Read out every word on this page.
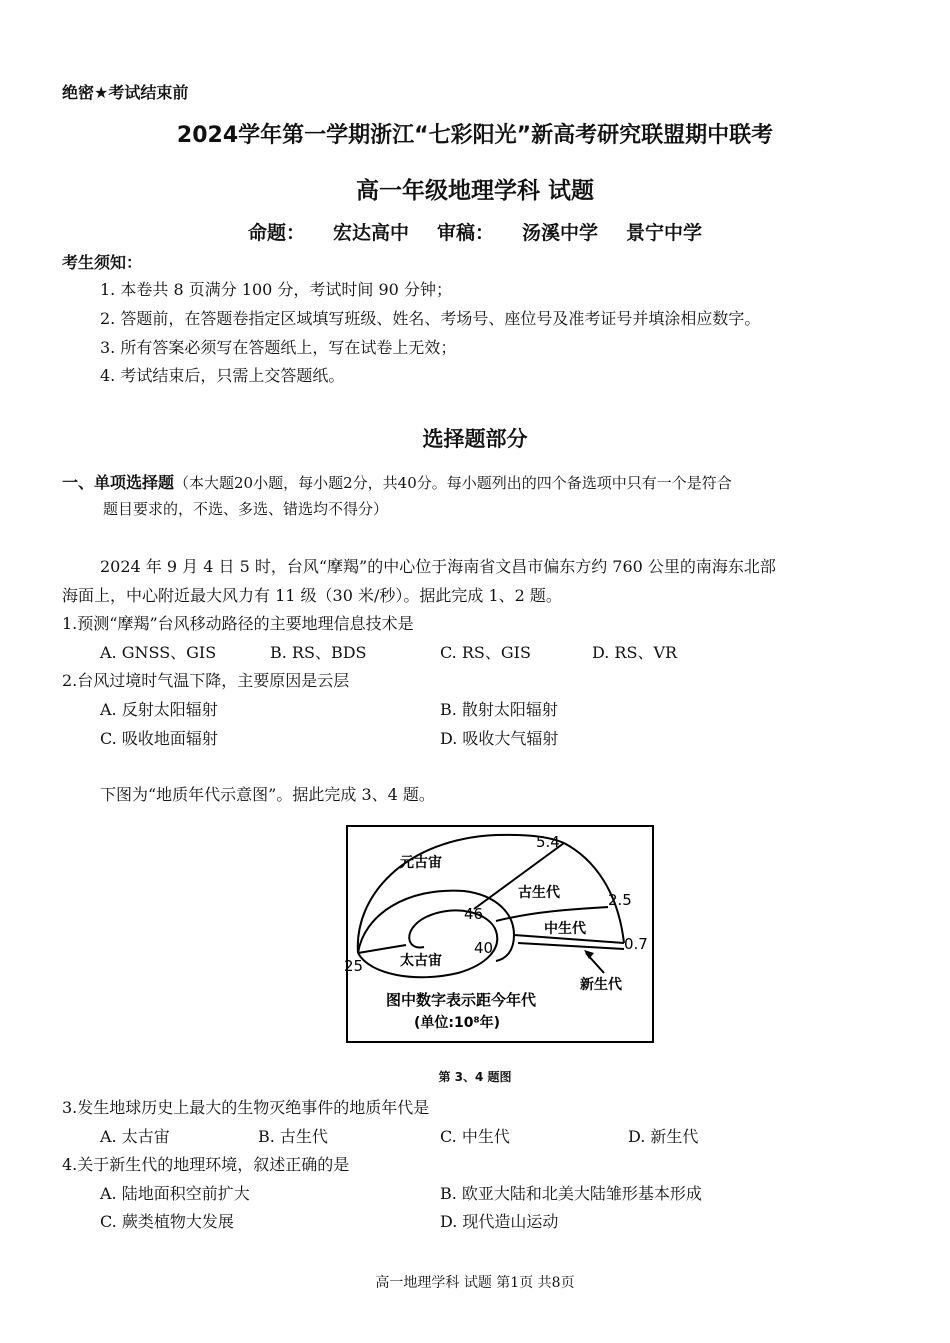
绝密★考试结束前
2024学年第一学期浙江“七彩阳光”新高考研究联盟期中联考
高一年级地理学科 试题
命题： 宏达高中 审稿： 汤溪中学 景宁中学
考生须知：
1. 本卷共 8 页满分 100 分，考试时间 90 分钟；
2. 答题前，在答题卷指定区域填写班级、姓名、考场号、座位号及准考证号并填涂相应数字。
3. 所有答案必须写在答题纸上，写在试卷上无效；
4. 考试结束后，只需上交答题纸。
选择题部分
一、单项选择题（本大题20小题，每小题2分，共40分。每小题列出的四个备选项中只有一个是符合
题目要求的，不选、多选、错选均不得分）
2024 年 9 月 4 日 5 时，台风“摩羯”的中心位于海南省文昌市偏东方约 760 公里的南海东北部
海面上，中心附近最大风力有 11 级（30 米/秒）。据此完成 1、2 题。
1.预测“摩羯”台风移动路径的主要地理信息技术是
A. GNSS、GIS	B. RS、BDS	C. RS、GIS	D. RS、VR
2.台风过境时气温下降，主要原因是云层
A. 反射太阳辐射	B. 散射太阳辐射
C. 吸收地面辐射	D. 吸收大气辐射
下图为“地质年代示意图”。据此完成 3、4 题。
元古宙
太古宙
古生代
中生代
新生代
5.4
2.5
0.7
46
40
25
图中数字表示距今年代
(单位:10⁸年)
第 3、4 题图
3.发生地球历史上最大的生物灭绝事件的地质年代是
A. 太古宙	B. 古生代	C. 中生代	D. 新生代
4.关于新生代的地理环境，叙述正确的是
A. 陆地面积空前扩大	B. 欧亚大陆和北美大陆雏形基本形成
C. 蕨类植物大发展	D. 现代造山运动
高一地理学科 试题 第1页 共8页
